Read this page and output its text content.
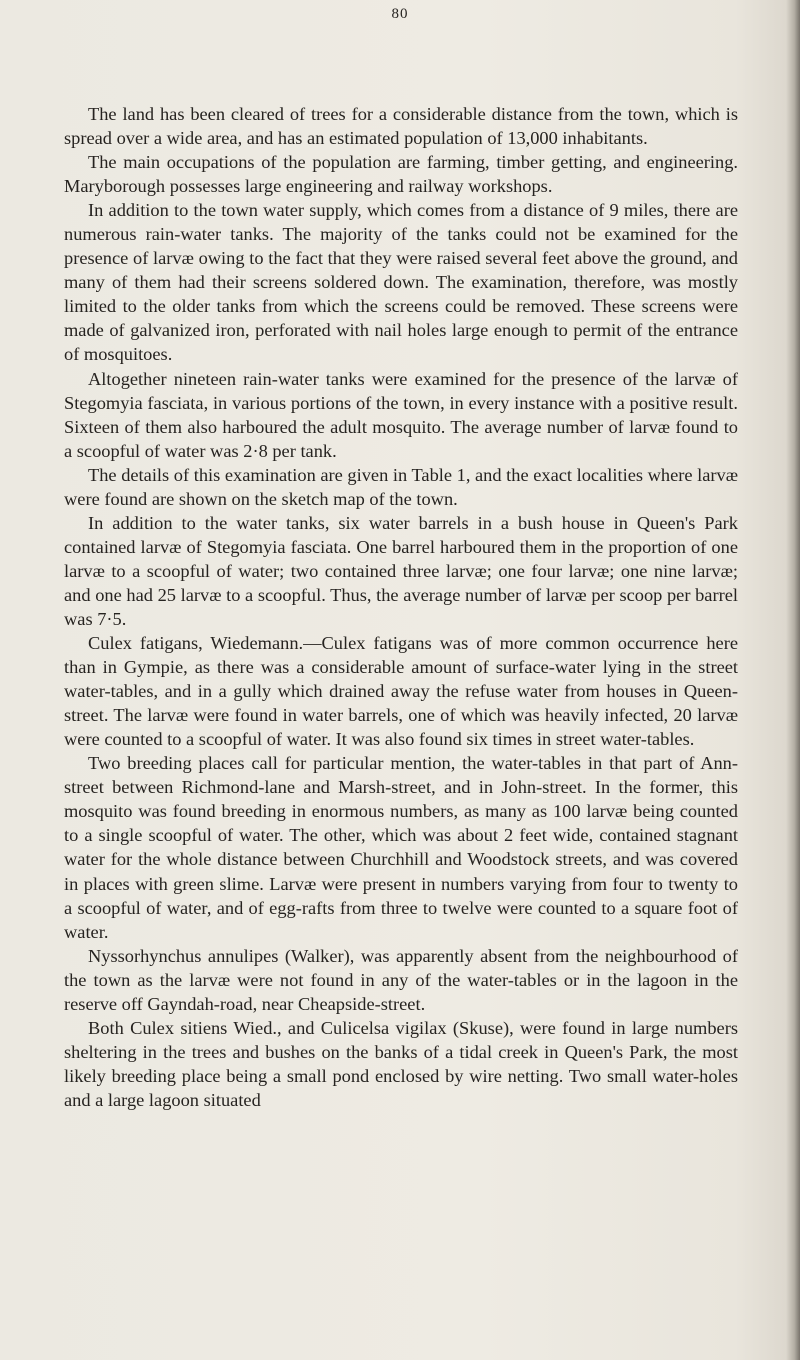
80

The land has been cleared of trees for a considerable distance from the town, which is spread over a wide area, and has an estimated population of 13,000 inhabitants.

The main occupations of the population are farming, timber getting, and engineering. Maryborough possesses large engineering and railway workshops.

In addition to the town water supply, which comes from a distance of 9 miles, there are numerous rain-water tanks. The majority of the tanks could not be examined for the presence of larvæ owing to the fact that they were raised several feet above the ground, and many of them had their screens soldered down. The examination, therefore, was mostly limited to the older tanks from which the screens could be removed. These screens were made of galvanized iron, perforated with nail holes large enough to permit of the entrance of mosquitoes.

Altogether nineteen rain-water tanks were examined for the presence of the larvæ of Stegomyia fasciata, in various portions of the town, in every instance with a positive result. Sixteen of them also harboured the adult mosquito. The average number of larvæ found to a scoopful of water was 2·8 per tank.

The details of this examination are given in Table 1, and the exact localities where larvæ were found are shown on the sketch map of the town.

In addition to the water tanks, six water barrels in a bush house in Queen's Park contained larvæ of Stegomyia fasciata. One barrel harboured them in the proportion of one larvæ to a scoopful of water; two contained three larvæ; one four larvæ; one nine larvæ; and one had 25 larvæ to a scoopful. Thus, the average number of larvæ per scoop per barrel was 7·5.

Culex fatigans, Wiedemann.—Culex fatigans was of more common occurrence here than in Gympie, as there was a considerable amount of surface-water lying in the street water-tables, and in a gully which drained away the refuse water from houses in Queen-street. The larvæ were found in water barrels, one of which was heavily infected, 20 larvæ were counted to a scoopful of water. It was also found six times in street water-tables.

Two breeding places call for particular mention, the water-tables in that part of Ann-street between Richmond-lane and Marsh-street, and in John-street. In the former, this mosquito was found breeding in enormous numbers, as many as 100 larvæ being counted to a single scoopful of water. The other, which was about 2 feet wide, contained stagnant water for the whole distance between Churchhill and Woodstock streets, and was covered in places with green slime. Larvæ were present in numbers varying from four to twenty to a scoopful of water, and of egg-rafts from three to twelve were counted to a square foot of water.

Nyssorhynchus annulipes (Walker), was apparently absent from the neighbourhood of the town as the larvæ were not found in any of the water-tables or in the lagoon in the reserve off Gayndah-road, near Cheapside-street.

Both Culex sitiens Wied., and Culicelsa vigilax (Skuse), were found in large numbers sheltering in the trees and bushes on the banks of a tidal creek in Queen's Park, the most likely breeding place being a small pond enclosed by wire netting. Two small water-holes and a large lagoon situated
